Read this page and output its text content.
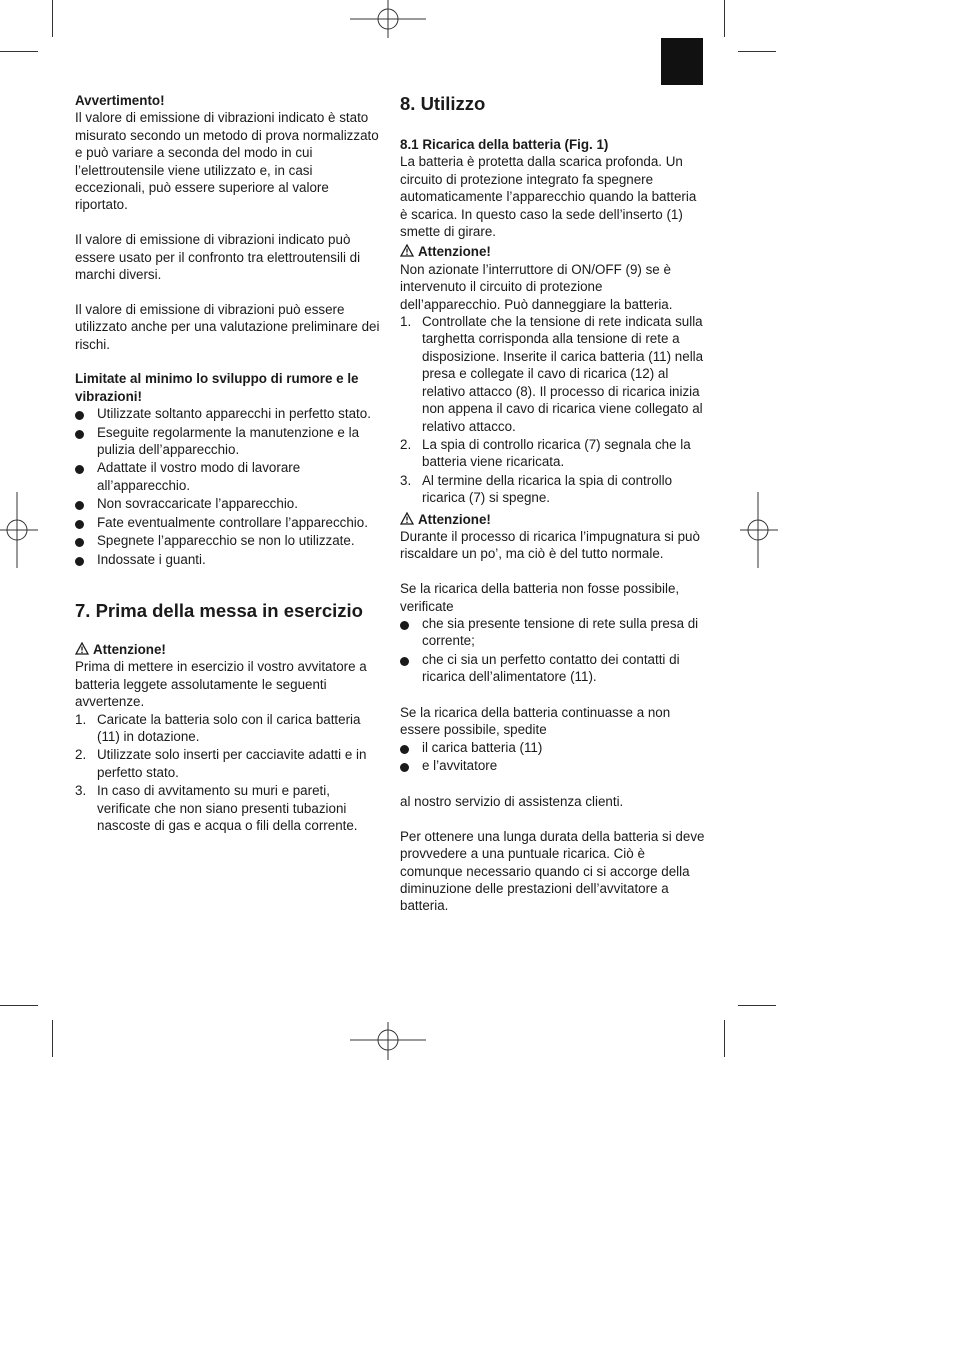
Avvertimento!

Il valore di emissione di vibrazioni indicato è stato misurato secondo un metodo di prova normalizzato e può variare a seconda del modo in cui l’elettroutensile viene utilizzato e, in casi eccezionali, può essere superiore al valore riportato.

Il valore di emissione di vibrazioni indicato può essere usato per il confronto tra elettroutensili di marchi diversi.

Il valore di emissione di vibrazioni può essere utilizzato anche per una valutazione preliminare dei rischi.

Limitate al minimo lo sviluppo di rumore e le vibrazioni!

Utilizzate soltanto apparecchi in perfetto stato.
Eseguite regolarmente la manutenzione e la pulizia dell’apparecchio.
Adattate il vostro modo di lavorare all’apparecchio.
Non sovraccaricate l’apparecchio.
Fate eventualmente controllare l’apparecchio.
Spegnete l’apparecchio se non lo utilizzate.
Indossate i guanti.
7. Prima della messa in esercizio

Attenzione!

Prima di mettere in esercizio il vostro avvitatore a batteria leggete assolutamente le seguenti avvertenze.

1. Caricate la batteria solo con il carica batteria (11) in dotazione.
2. Utilizzate solo inserti per cacciavite adatti e in perfetto stato.
3. In caso di avvitamento su muri e pareti, verificate che non siano presenti tubazioni nascoste di gas e acqua o fili della corrente.
8. Utilizzo

8.1 Ricarica della batteria (Fig. 1)

La batteria è protetta dalla scarica profonda. Un circuito di protezione integrato fa spegnere automaticamente l’apparecchio quando la batteria è scarica. In questo caso la sede dell’inserto (1) smette di girare.

Attenzione!

Non azionate l’interruttore di ON/OFF (9) se è intervenuto il circuito di protezione dell’apparecchio. Può danneggiare la batteria.

1. Controllate che la tensione di rete indicata sulla targhetta corrisponda alla tensione di rete a disposizione. Inserite il carica batteria (11) nella presa e collegate il cavo di ricarica (12) al relativo attacco (8). Il processo di ricarica inizia non appena il cavo di ricarica viene collegato al relativo attacco.
2. La spia di controllo ricarica (7) segnala che la batteria viene ricaricata.
3. Al termine della ricarica la spia di controllo ricarica (7) si spegne.

Attenzione!

Durante il processo di ricarica l’impugnatura si può riscaldare un po’, ma ciò è del tutto normale.

Se la ricarica della batteria non fosse possibile, verificate

che sia presente tensione di rete sulla presa di corrente;
che ci sia un perfetto contatto dei contatti di ricarica dell’alimentatore (11).

Se la ricarica della batteria continuasse a non essere possibile, spedite

il carica batteria (11)
e l’avvitatore

al nostro servizio di assistenza clienti.

Per ottenere una lunga durata della batteria si deve provvedere a una puntuale ricarica. Ciò è comunque necessario quando ci si accorge della diminuzione delle prestazioni dell’avvitatore a batteria.
